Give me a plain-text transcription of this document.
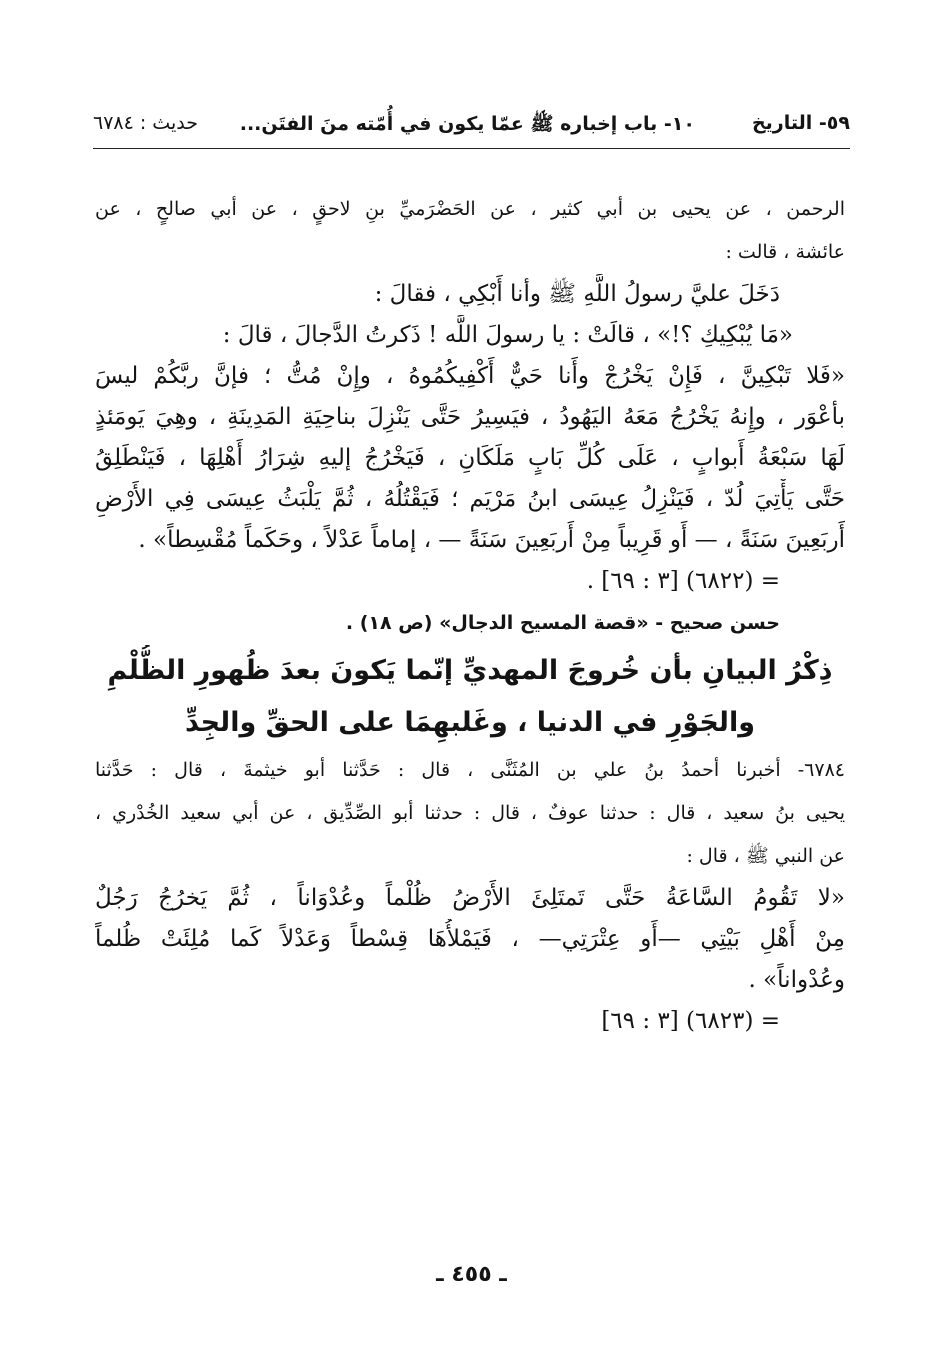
٥٩- التاريخ
١٠- باب إخباره ﷺ عمّا يكون في أُمّته منَ الفتَن...
حديث : ٦٧٨٤
الرحمن ، عن يحيى بن أبي كثير ، عن الحَضْرَميِّ بنِ لاحقٍ ، عن أبي صالحٍ ، عن
عائشة ، قالت :
دَخَلَ عليَّ رسولُ اللَّهِ ﷺ وأنا أَبْكِي ، فقالَ :
«مَا يُبْكِيكِ ؟!» ، قالَتْ : يا رسولَ اللَّه ! ذَكرتُ الدَّجالَ ، قالَ :
«فَلا تَبْكِينَّ ، فَإِنْ يَخْرُجْ وأَنا حَيٌّ أَكْفِيكُمُوهُ ، وإِنْ مُتُّ ؛ فإنَّ ربَّكُمْ ليسَ
بأعْوَر ، وإِنهُ يَخْرُجُ مَعَهُ اليَهُودُ ، فيَسِيرُ حَتَّى يَنْزِلَ بناحِيَةِ المَدِينَةِ ، وهِيَ يَومَئذٍ
لَهَا سَبْعَةُ أَبوابٍ ، عَلَى كُلِّ بَابٍ مَلَكَانِ ، فَيَخْرُجُ إليهِ شِرَارُ أَهْلِهَا ، فَيَنْطَلِقُ
حَتَّى يَأْتِيَ لُدّ ، فَيَنْزِلُ عِيسَى ابنُ مَرْيَم ؛ فَيَقْتُلُهُ ، ثُمَّ يَلْبَثُ عِيسَى فِي الأَرْضِ
أَربَعِينَ سَنَةً ، — أَو قَرِيباً مِنْ أَربَعِينَ سَنَةً — ، إماماً عَدْلاً ، وحَكَماً مُقْسِطاً» .
= (٦٨٢٢) [٣ : ٦٩] .
حسن صحيح - «قصة المسيح الدجال» (ص ١٨) .
ذِكْرُ البيانِ بأن خُروجَ المهديِّ إنّما يَكونَ بعدَ ظُهورِ الظُّلْمِ
والجَوْرِ في الدنيا ، وغَلبهِمَا على الحقِّ والجِدِّ
٦٧٨٤- أخبرنا أحمدُ بنُ علي بن المُثَنَّى ، قال : حَدَّثنا أبو خيثمةَ ، قال : حَدَّثنا
يحيى بنُ سعيد ، قال : حدثنا عوفٌ ، قال : حدثنا أبو الصِّدِّيق ، عن أبي سعيد الخُدْري ،
عن النبي ﷺ ، قال :
«لا تَقُومُ السَّاعَةُ حَتَّى تَمتَلِئَ الأَرْضُ ظُلْماً وعُدْوَاناً ، ثُمَّ يَخرُجُ رَجُلٌ
مِنْ أَهْلِ بَيْتِي —أَو عِتْرَتِي— ، فَيَمْلأُهَا قِسْطاً وَعَدْلاً كَما مُلِئَتْ ظُلماً
وعُدْواناً» .
= (٦٨٢٣) [٣ : ٦٩]
ـ ٤٥٥ ـ
